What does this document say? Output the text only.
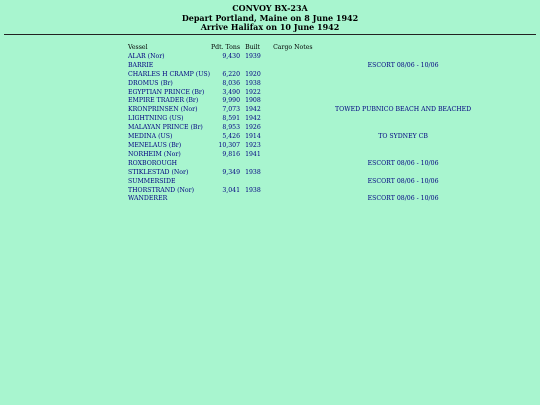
CONVOY BX-23A
Depart Portland, Maine on 8 June 1942
Arrive Halifax on 10 June 1942
Vessel	Pdt. Tons	Built	Cargo Notes	
ALAR (Nor)	9,430	1939		
BARRIE				ESCORT 08/06 - 10/06
CHARLES H CRAMP (US)	6,220	1920		
DROMUS (Br)	8,036	1938		
EGYPTIAN PRINCE (Br)	3,490	1922		
EMPIRE TRADER (Br)	9,990	1908		
KRONPRINSEN (Nor)	7,073	1942		TOWED PUBNICO BEACH AND BEACHED
LIGHTNING (US)	8,591	1942		
MALAYAN PRINCE (Br)	8,953	1926		
MEDINA (US)	5,426	1914		TO SYDNEY CB
MENELAUS (Br)	10,307	1923		
NORHEIM (Nor)	9,816	1941		
ROXBOROUGH				ESCORT 08/06 - 10/06
STIKLESTAD (Nor)	9,349	1938		
SUMMERSIDE				ESCORT 08/06 - 10/06
THORSTRAND (Nor)	3,041	1938		
WANDERER				ESCORT 08/06 - 10/06
